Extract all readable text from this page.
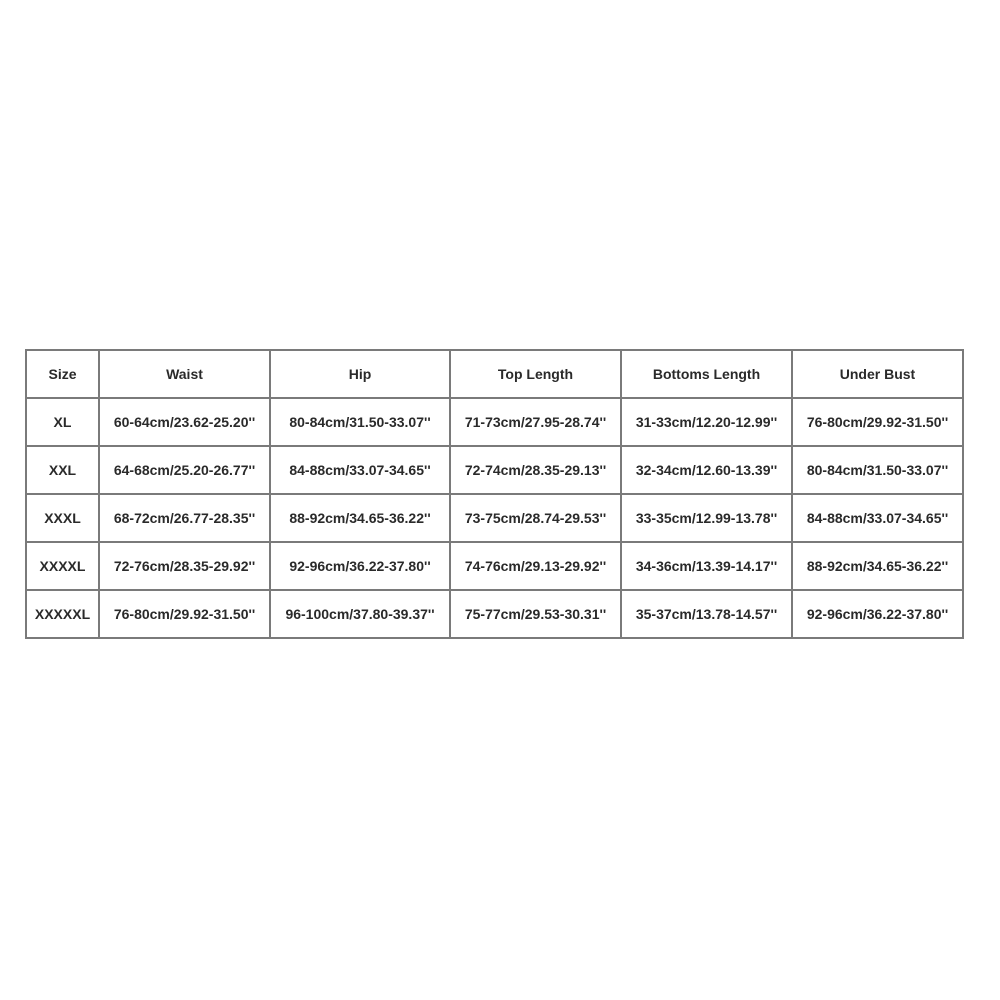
Size	Waist	Hip	Top Length	Bottoms Length	Under Bust
XL	60-64cm/23.62-25.20''	80-84cm/31.50-33.07''	71-73cm/27.95-28.74''	31-33cm/12.20-12.99''	76-80cm/29.92-31.50''
XXL	64-68cm/25.20-26.77''	84-88cm/33.07-34.65''	72-74cm/28.35-29.13''	32-34cm/12.60-13.39''	80-84cm/31.50-33.07''
XXXL	68-72cm/26.77-28.35''	88-92cm/34.65-36.22''	73-75cm/28.74-29.53''	33-35cm/12.99-13.78''	84-88cm/33.07-34.65''
XXXXL	72-76cm/28.35-29.92''	92-96cm/36.22-37.80''	74-76cm/29.13-29.92''	34-36cm/13.39-14.17''	88-92cm/34.65-36.22''
XXXXXL	76-80cm/29.92-31.50''	96-100cm/37.80-39.37''	75-77cm/29.53-30.31''	35-37cm/13.78-14.57''	92-96cm/36.22-37.80''
